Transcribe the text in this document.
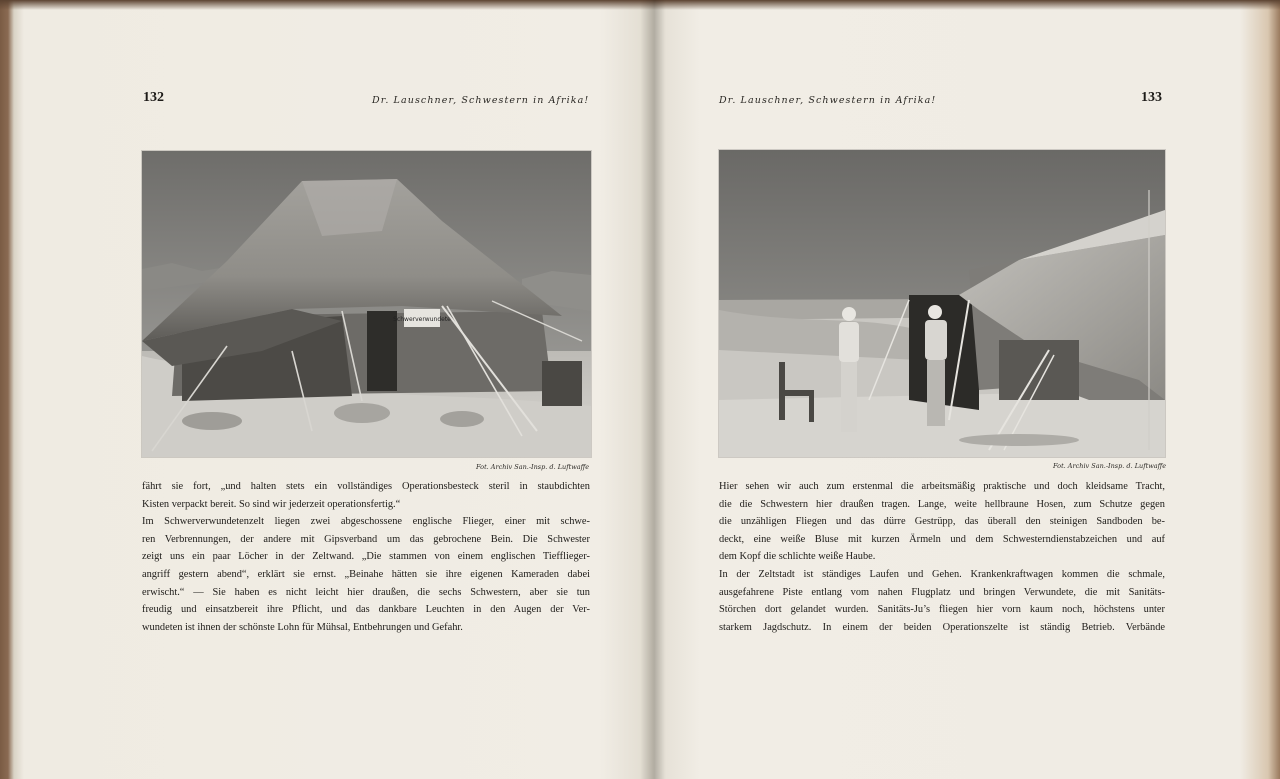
132	Dr. Lauschner, Schwestern in Afrika!
Schwerverwundete
Fot. Archiv San.-Insp. d. Luftwaffe
fährt sie fort, „und halten stets ein vollständiges Operationsbesteck steril in staubdichten
Kisten verpackt bereit. So sind wir jederzeit operationsfertig.“
Im Schwerverwundetenzelt liegen zwei abgeschossene englische Flieger, einer mit schwe-
ren Verbrennungen, der andere mit Gipsverband um das gebrochene Bein. Die Schwester
zeigt uns ein paar Löcher in der Zeltwand. „Die stammen von einem englischen Tiefflieger-
angriff gestern abend“, erklärt sie ernst. „Beinahe hätten sie ihre eigenen Kameraden dabei
erwischt.“ — Sie haben es nicht leicht hier draußen, die sechs Schwestern, aber sie tun
freudig und einsatzbereit ihre Pflicht, und das dankbare Leuchten in den Augen der Ver-
wundeten ist ihnen der schönste Lohn für Mühsal, Entbehrungen und Gefahr.
Dr. Lauschner, Schwestern in Afrika!	133
Fot. Archiv San.-Insp. d. Luftwaffe
Hier sehen wir auch zum erstenmal die arbeitsmäßig praktische und doch kleidsame Tracht,
die die Schwestern hier draußen tragen. Lange, weite hellbraune Hosen, zum Schutze gegen
die unzähligen Fliegen und das dürre Gestrüpp, das überall den steinigen Sandboden be-
deckt, eine weiße Bluse mit kurzen Ärmeln und dem Schwesterndienstabzeichen und auf
dem Kopf die schlichte weiße Haube.
In der Zeltstadt ist ständiges Laufen und Gehen. Krankenkraftwagen kommen die schmale,
ausgefahrene Piste entlang vom nahen Flugplatz und bringen Verwundete, die mit Sanitäts-
Störchen dort gelandet wurden. Sanitäts-Ju’s fliegen hier vorn kaum noch, höchstens unter
starkem Jagdschutz. In einem der beiden Operationszelte ist ständig Betrieb. Verbände
